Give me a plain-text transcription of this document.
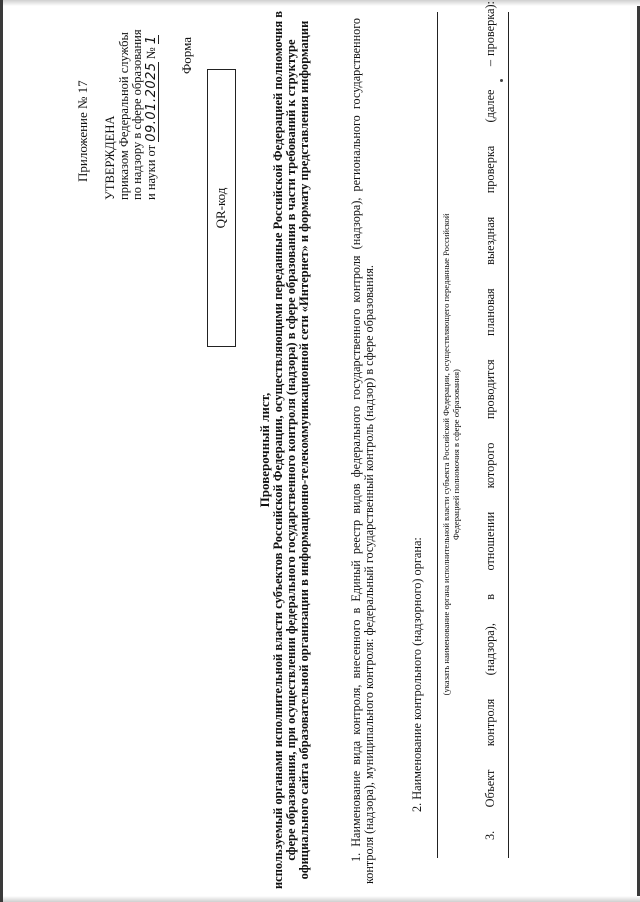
Приложение № 17 УТВЕРЖДЕНА приказом Федеральной службы по надзору в сфере образования и науки от 09.01.2025 № 1 Форма
QR-код
Проверочный лист, используемый органами исполнительной власти субъектов Российской Федерации, осуществляющими переданные Российской Федерацией полномочия в сфере образования, при осуществлении федерального государственного контроля (надзора) в сфере образования в части требований к структуре официального сайта образовательной организации в информационно-телекоммуникационной сети «Интернет» и формату представления информации	1. Наименование вида контроля, внесенного в Единый реестр видов федерального государственного контроля (надзора), регионального государственного контроля (надзора), муниципального контроля: федеральный государственный контроль (надзор) в сфере образования.	2. Наименование контрольного (надзорного) органа: (указать наименование органа исполнительной власти субъекта Российской Федерации, осуществляющего переданные Российской Федерацией полномочия в сфере образования) 3. Объект контроля (надзора), в отношении которого проводится плановая выездная проверка (далее –
проверка):
